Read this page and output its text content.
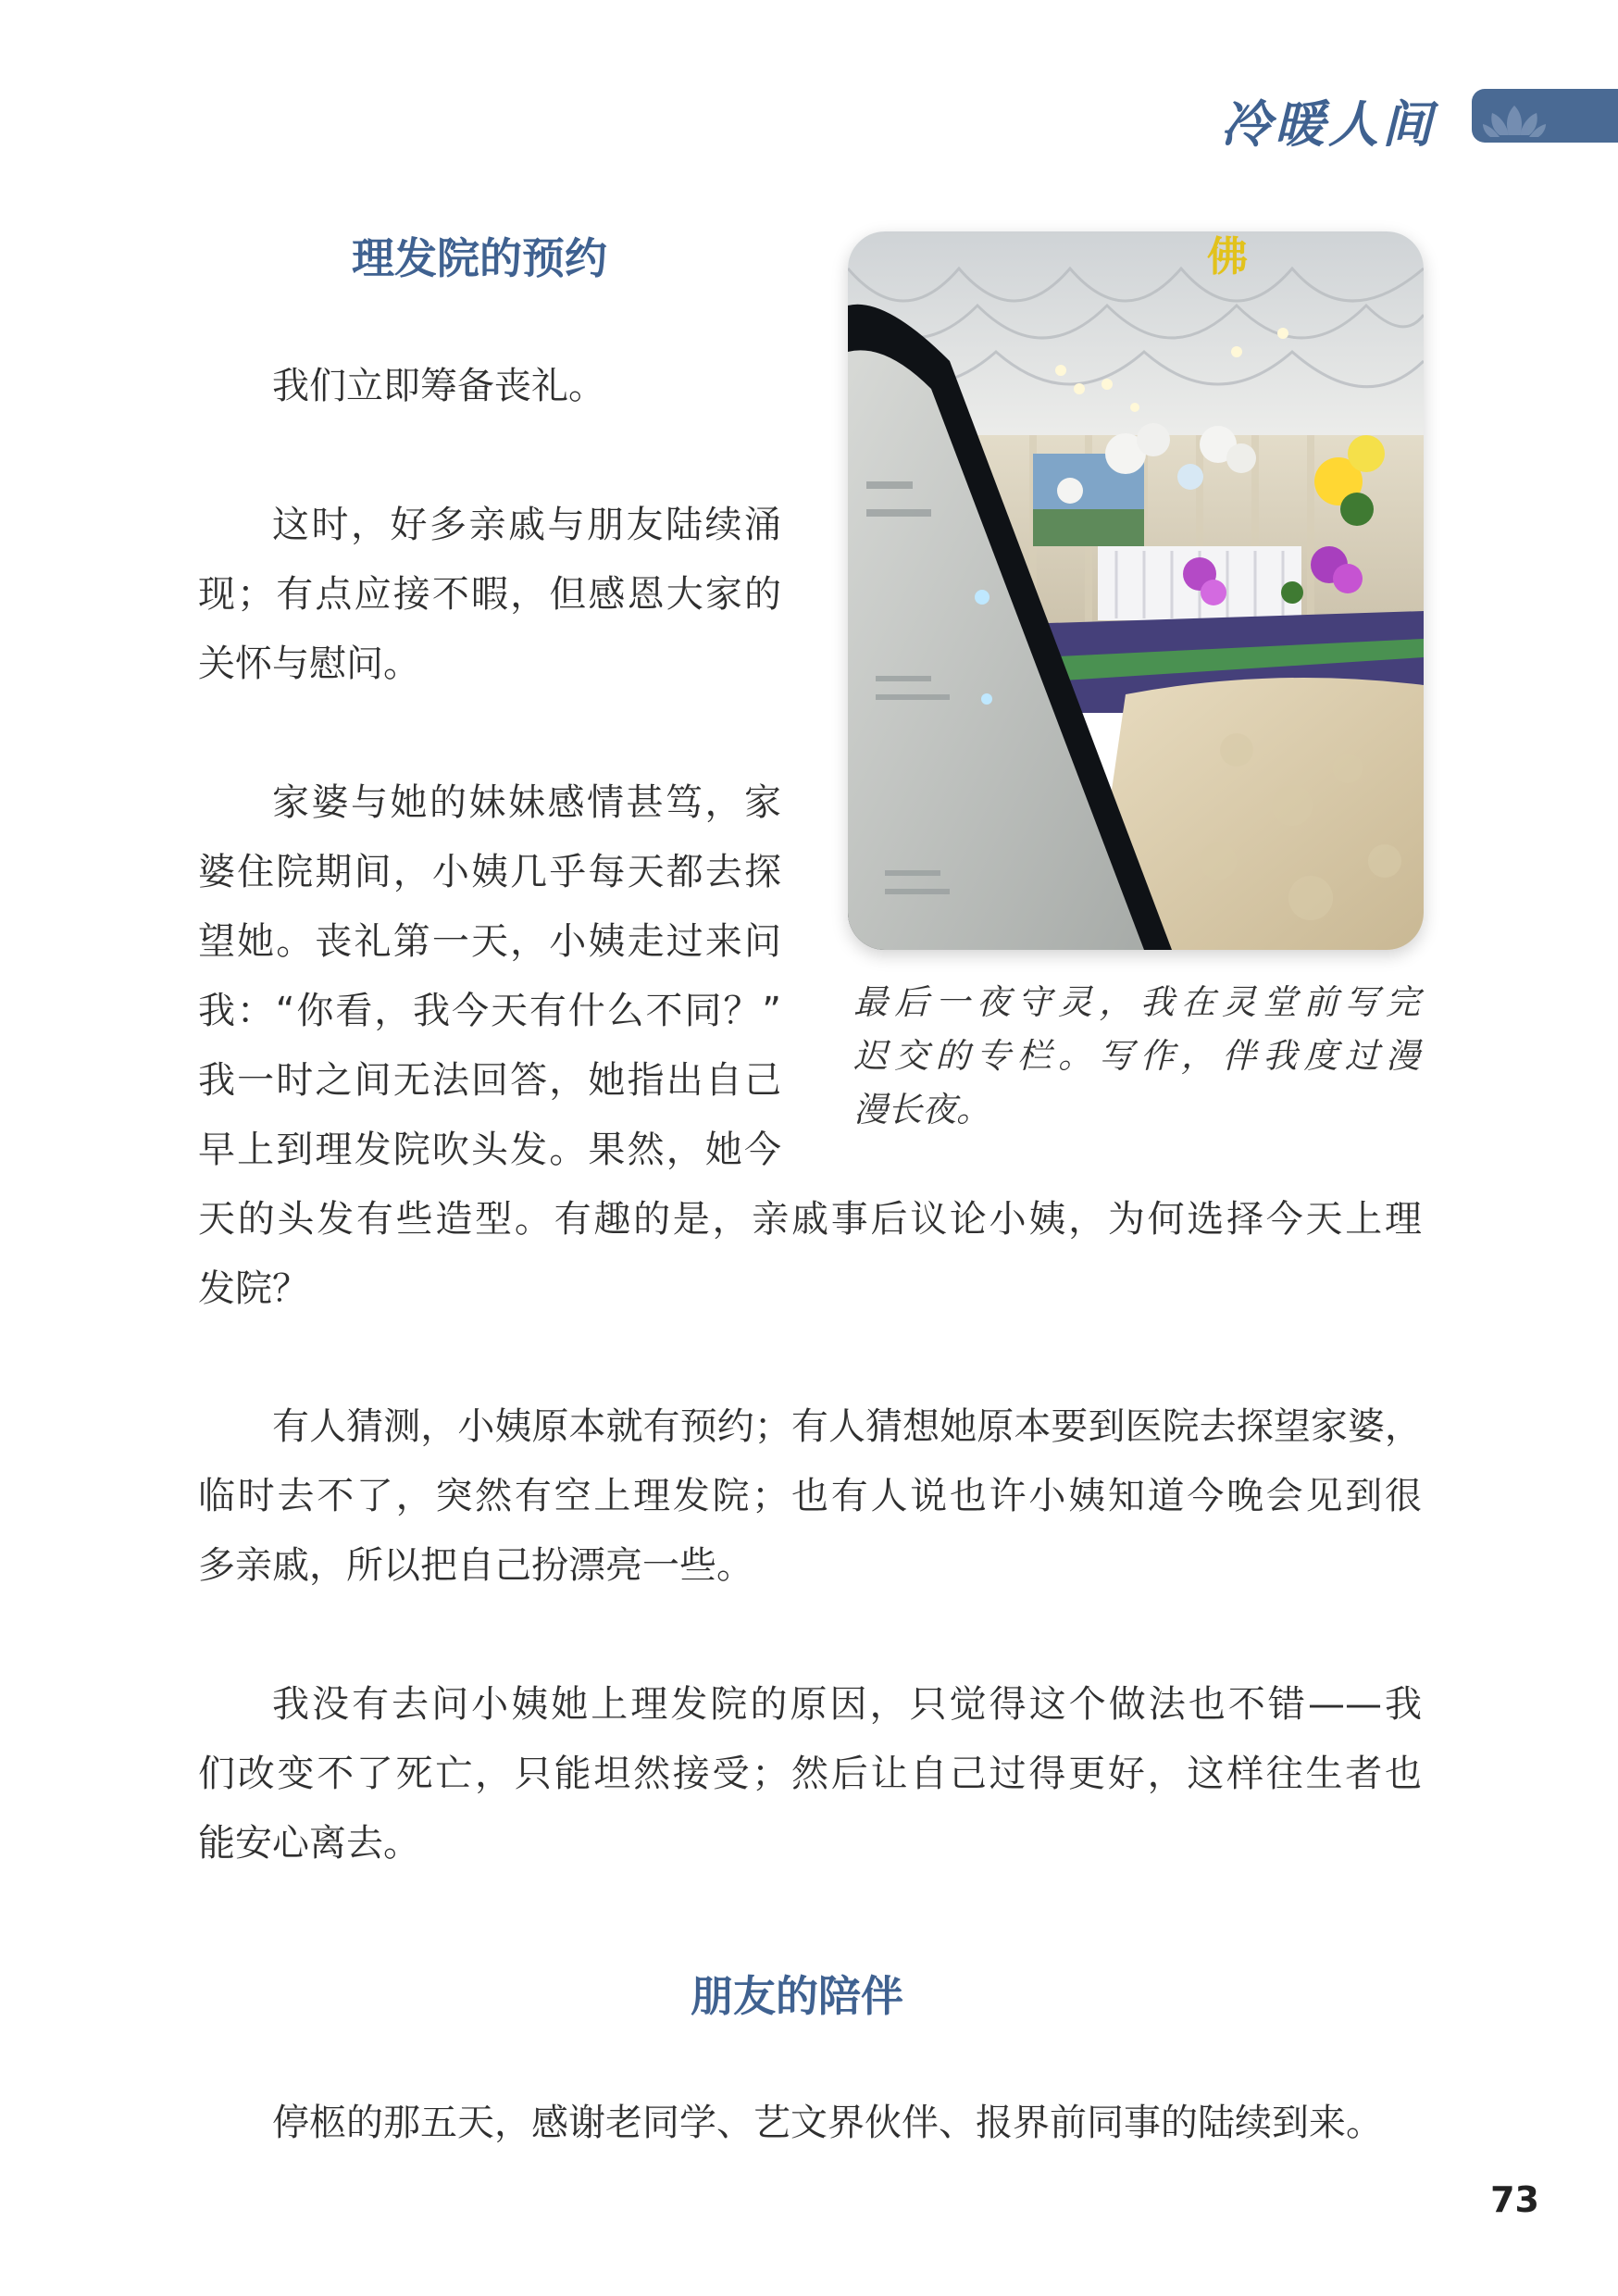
冷暖人间
理发院的预约

我们立即筹备丧礼。

这时，好多亲戚与朋友陆续涌
现；有点应接不暇，但感恩大家的
关怀与慰问。

家婆与她的妹妹感情甚笃，家
婆住院期间，小姨几乎每天都去探
望她。丧礼第一天，小姨走过来问
我：“你看，我今天有什么不同？”
我一时之间无法回答，她指出自己
早上到理发院吹头发。果然，她今

天的头发有些造型。有趣的是，亲戚事后议论小姨，为何选择今天上理
发院？

有人猜测，小姨原本就有预约；有人猜想她原本要到医院去探望家婆，
临时去不了，突然有空上理发院；也有人说也许小姨知道今晚会见到很
多亲戚，所以把自己扮漂亮一些。

我没有去问小姨她上理发院的原因，只觉得这个做法也不错——我
们改变不了死亡，只能坦然接受；然后让自己过得更好，这样往生者也
能安心离去。

佛

最后一夜守灵，我在灵堂前写完
迟交的专栏。写作，伴我度过漫
漫长夜。

朋友的陪伴

停柩的那五天，感谢老同学、艺文界伙伴、报界前同事的陆续到来。

73
